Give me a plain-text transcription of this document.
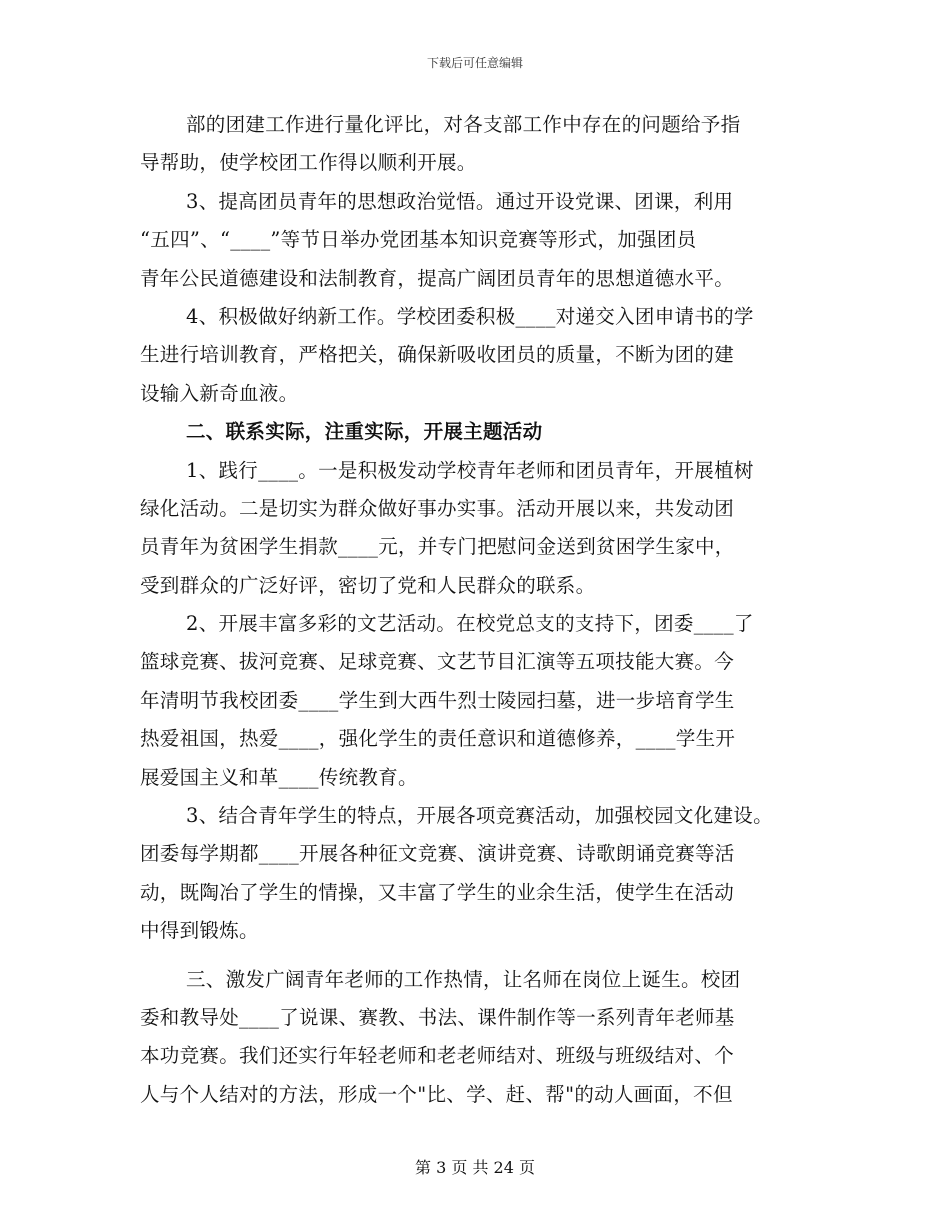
下载后可任意编辑
部的团建工作进行量化评比，对各支部工作中存在的问题给予指
导帮助，使学校团工作得以顺利开展。
3、提高团员青年的思想政治觉悟。通过开设党课、团课，利用
“五四”、“____”等节日举办党团基本知识竞赛等形式，加强团员
青年公民道德建设和法制教育，提高广阔团员青年的思想道德水平。
4、积极做好纳新工作。学校团委积极____对递交入团申请书的学
生进行培训教育，严格把关，确保新吸收团员的质量，不断为团的建
设输入新奇血液。
二、联系实际，注重实际，开展主题活动
1、践行____。一是积极发动学校青年老师和团员青年，开展植树
绿化活动。二是切实为群众做好事办实事。活动开展以来，共发动团
员青年为贫困学生捐款____元，并专门把慰问金送到贫困学生家中，
受到群众的广泛好评，密切了党和人民群众的联系。
2、开展丰富多彩的文艺活动。在校党总支的支持下，团委____了
篮球竞赛、拔河竞赛、足球竞赛、文艺节目汇演等五项技能大赛。今
年清明节我校团委____学生到大西牛烈士陵园扫墓，进一步培育学生
热爱祖国，热爱____，强化学生的责任意识和道德修养，____学生开
展爱国主义和革____传统教育。
3、结合青年学生的特点，开展各项竞赛活动，加强校园文化建设。
团委每学期都____开展各种征文竞赛、演讲竞赛、诗歌朗诵竞赛等活
动，既陶冶了学生的情操，又丰富了学生的业余生活，使学生在活动
中得到锻炼。
三、激发广阔青年老师的工作热情，让名师在岗位上诞生。校团
委和教导处____了说课、赛教、书法、课件制作等一系列青年老师基
本功竞赛。我们还实行年轻老师和老老师结对、班级与班级结对、个
人与个人结对的方法，形成一个"比、学、赶、帮"的动人画面，不但
第 3 页 共 24 页
